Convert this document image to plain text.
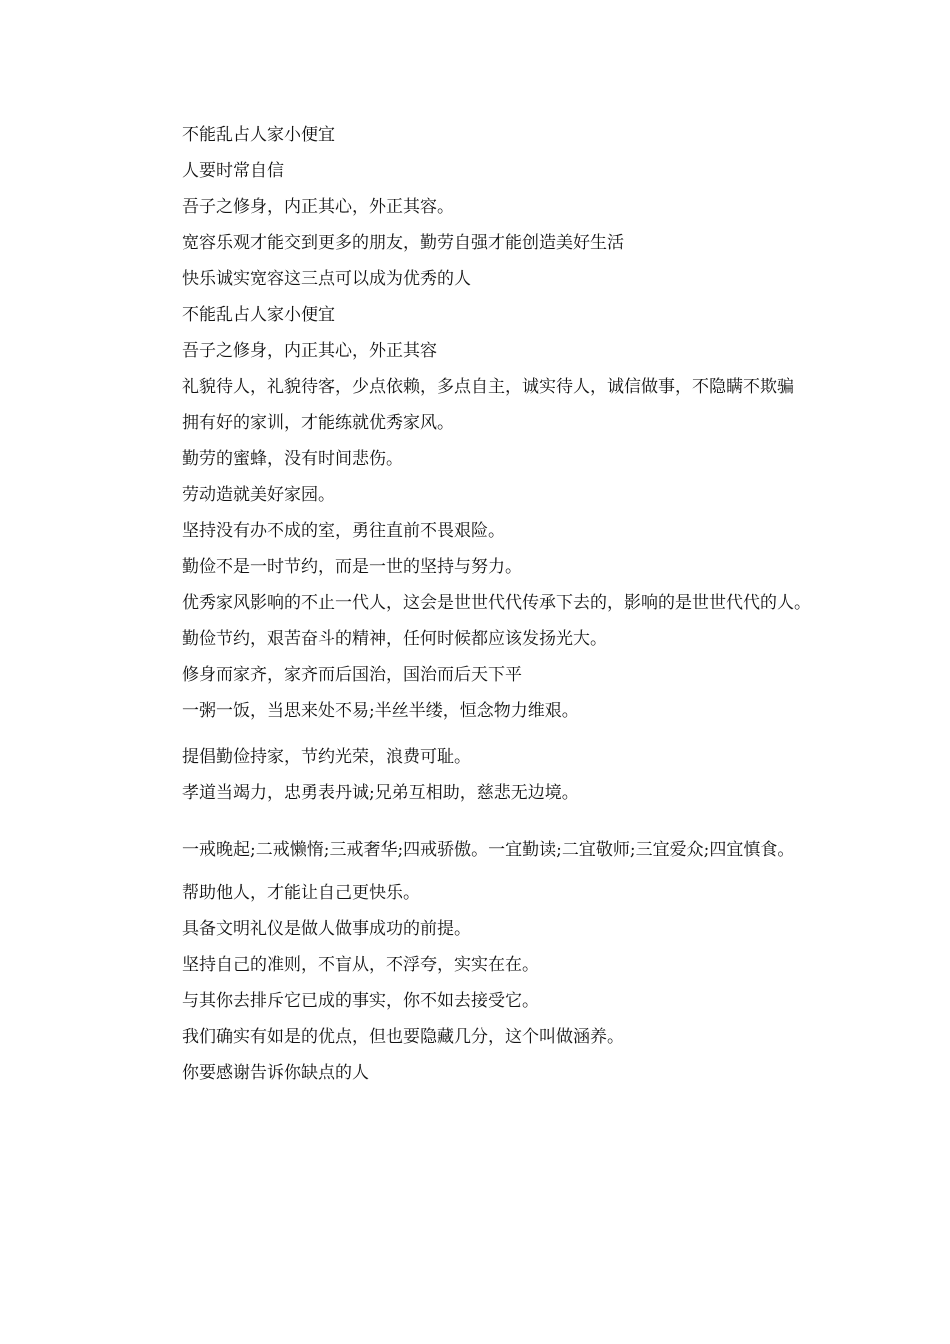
不能乱占人家小便宜

人要时常自信

吾子之修身，内正其心，外正其容。

宽容乐观才能交到更多的朋友，勤劳自强才能创造美好生活

快乐诚实宽容这三点可以成为优秀的人

不能乱占人家小便宜

吾子之修身，内正其心，外正其容

礼貌待人，礼貌待客，少点依赖，多点自主，诚实待人，诚信做事，不隐瞒不欺骗

拥有好的家训，才能练就优秀家风。

勤劳的蜜蜂，没有时间悲伤。

劳动造就美好家园。

坚持没有办不成的室，勇往直前不畏艰险。

勤俭不是一时节约，而是一世的坚持与努力。

优秀家风影响的不止一代人，这会是世世代代传承下去的，影响的是世世代代的人。

勤俭节约，艰苦奋斗的精神，任何时候都应该发扬光大。

修身而家齐，家齐而后国治，国治而后天下平

一粥一饭，当思来处不易;半丝半缕，恒念物力维艰。

提倡勤俭持家，节约光荣，浪费可耻。

孝道当竭力，忠勇表丹诚;兄弟互相助，慈悲无边境。

一戒晚起;二戒懒惰;三戒奢华;四戒骄傲。一宜勤读;二宜敬师;三宜爱众;四宜慎食。

帮助他人，才能让自己更快乐。

具备文明礼仪是做人做事成功的前提。

坚持自己的准则，不盲从，不浮夸，实实在在。

与其你去排斥它已成的事实，你不如去接受它。

我们确实有如是的优点，但也要隐藏几分，这个叫做涵养。

你要感谢告诉你缺点的人
